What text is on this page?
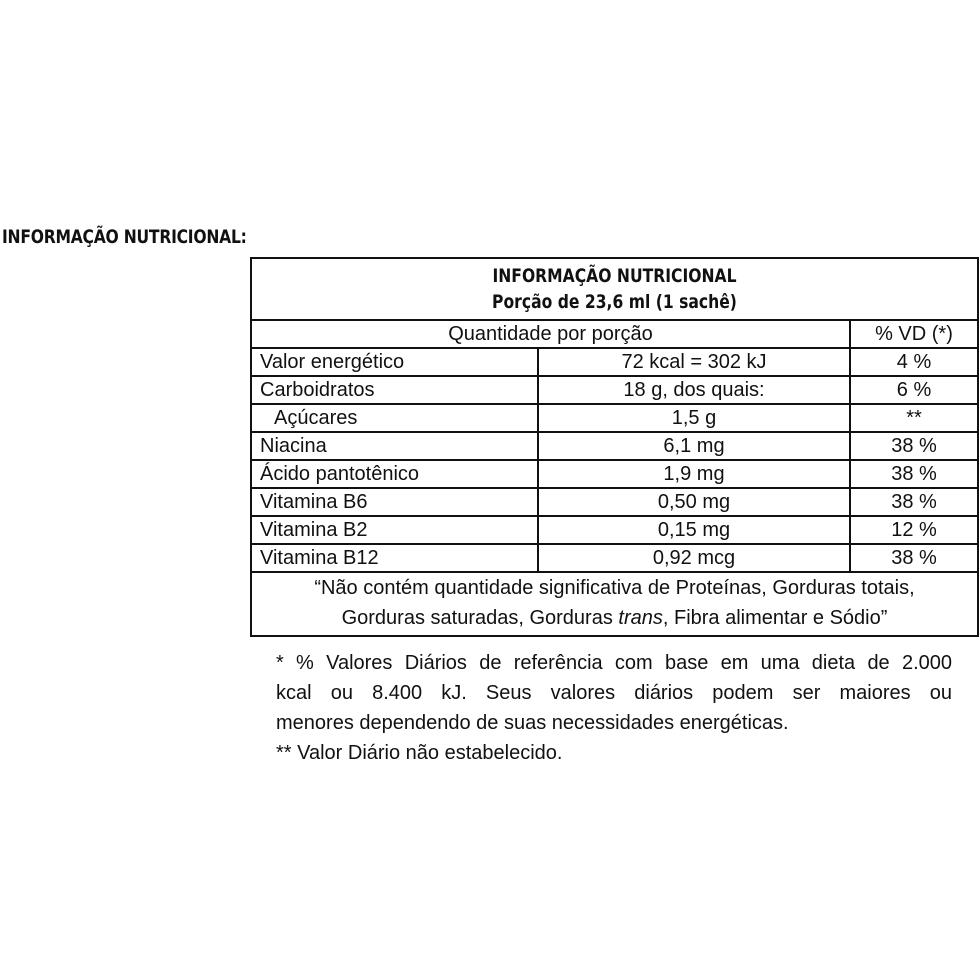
INFORMAÇÃO NUTRICIONAL:
INFORMAÇÃO NUTRICIONAL
Porção de 23,6 ml (1 sachê)		

Quantidade por porção		% VD (*)
Valor energético	72 kcal = 302 kJ	4 %
Carboidratos	18 g, dos quais:	6 %
Açúcares	1,5 g	**
Niacina	6,1 mg	38 %
Ácido pantotênico	1,9 mg	38 %
Vitamina B6	0,50 mg	38 %
Vitamina B2	0,15 mg	12 %
Vitamina B12	0,92 mcg	38 %

“Não contém quantidade significativa de Proteínas, Gorduras totais,
Gorduras saturadas, Gorduras trans, Fibra alimentar e Sódio”		
* % Valores Diários de referência com base em uma dieta de 2.000
kcal ou 8.400 kJ. Seus valores diários podem ser maiores ou
menores dependendo de suas necessidades energéticas.
** Valor Diário não estabelecido.
